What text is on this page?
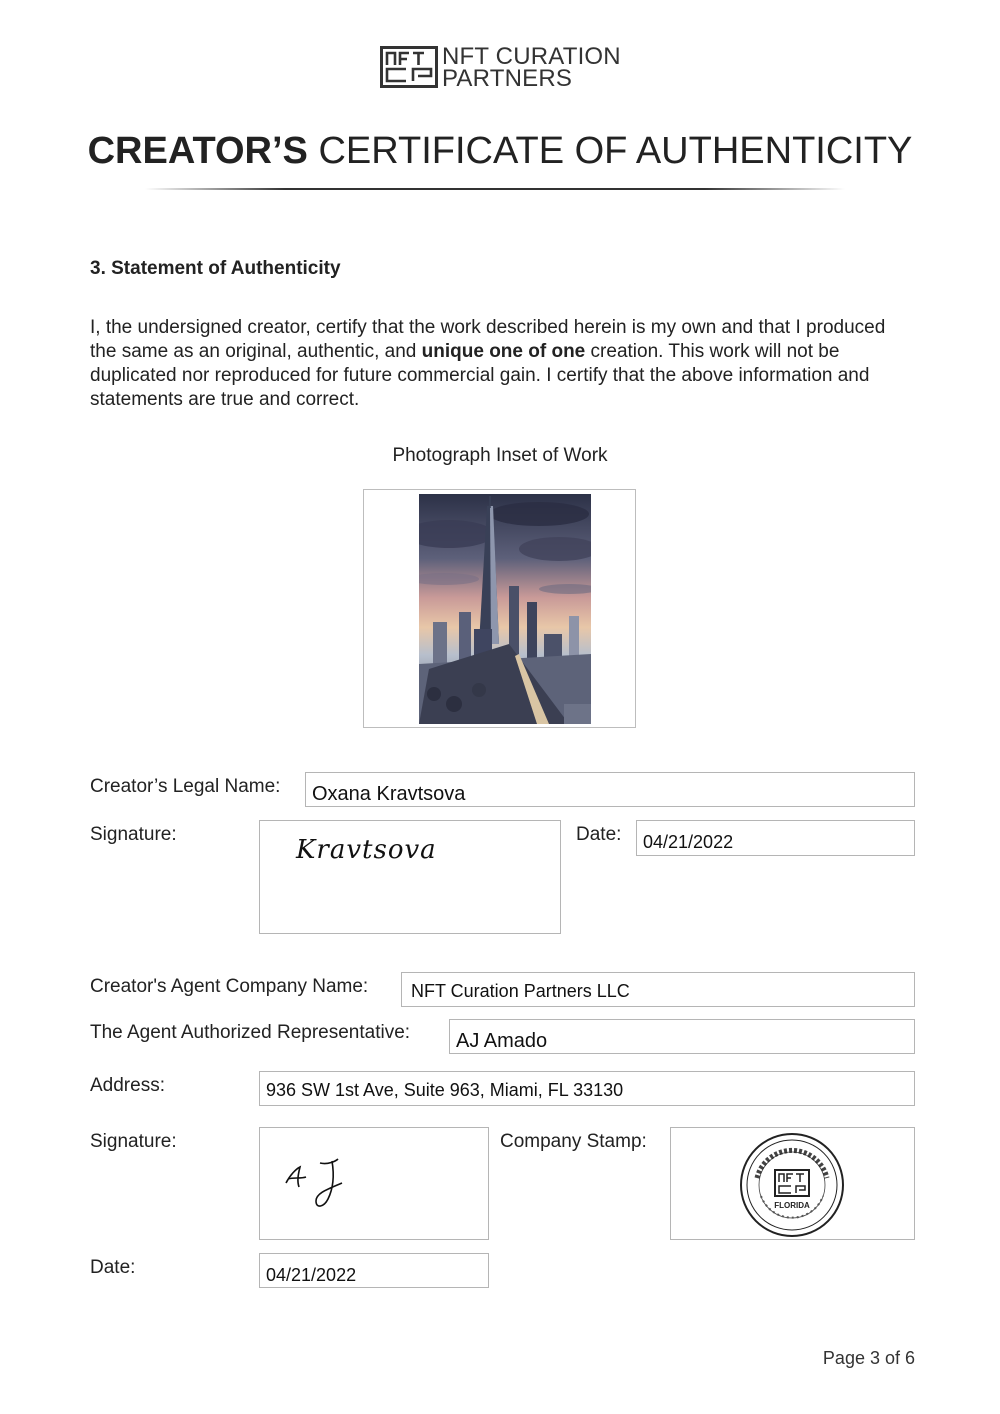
NFT CURATION
PARTNERS
CREATOR’S CERTIFICATE OF AUTHENTICITY
3. Statement of Authenticity
I, the undersigned creator, certify that the work described herein is my own and that I produced the same as an original, authentic, and unique one of one creation. This work will not be duplicated nor reproduced for future commercial gain. I certify that the above information and statements are true and correct.
Photograph Inset of Work
Creator’s Legal Name:	Oxana Kravtsova
Signature:
Kravtsova
Date:	04/21/2022
Creator's Agent Company Name:	NFT Curation Partners LLC
The Agent Authorized Representative:	AJ Amado
Address:	936 SW 1st Ave, Suite 963, Miami, FL 33130
Signature:	Company Stamp:
FLORIDA
Date:	04/21/2022
Page 3 of 6
